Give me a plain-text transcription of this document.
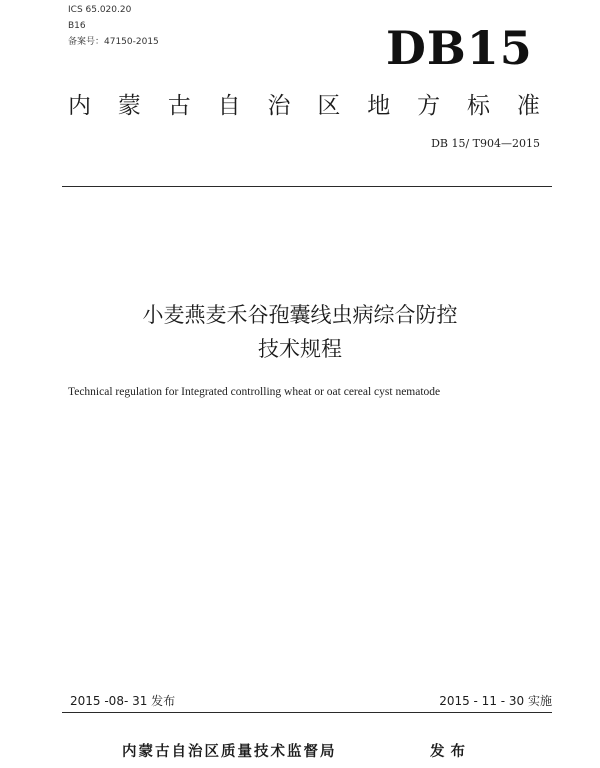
ICS 65.020.20
B16
备案号：47150-2015	DB15
内 蒙 古 自 治 区 地 方 标 准
DB 15/ T904—2015
小麦燕麦禾谷孢囊线虫病综合防控
技术规程
Technical regulation for Integrated controlling wheat or oat cereal cyst nematode
2015 -08- 31 发布	2015 - 11 - 30 实施
内蒙古自治区质量技术监督局	发布
